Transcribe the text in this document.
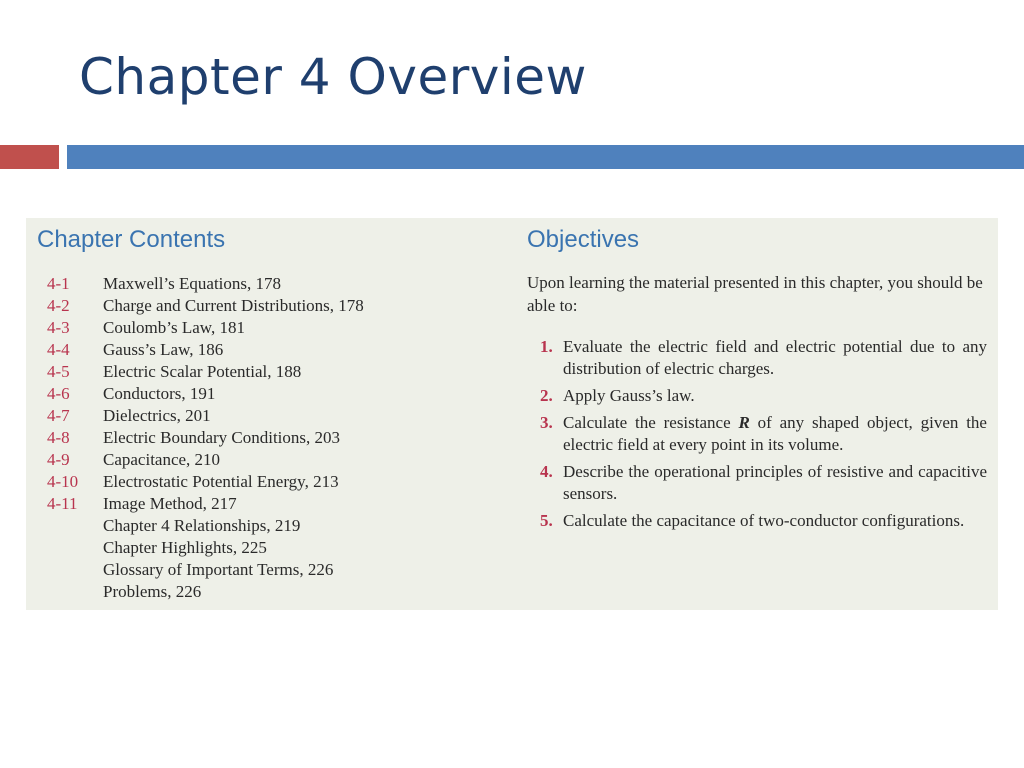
Chapter 4 Overview
Chapter Contents
4-1 Maxwell’s Equations, 178
4-2 Charge and Current Distributions, 178
4-3 Coulomb’s Law, 181
4-4 Gauss’s Law, 186
4-5 Electric Scalar Potential, 188
4-6 Conductors, 191
4-7 Dielectrics, 201
4-8 Electric Boundary Conditions, 203
4-9 Capacitance, 210
4-10 Electrostatic Potential Energy, 213
4-11 Image Method, 217
Chapter 4 Relationships, 219
Chapter Highlights, 225
Glossary of Important Terms, 226
Problems, 226
Objectives
Upon learning the material presented in this chapter, you should be able to:
1. Evaluate the electric field and electric potential due to any distribution of electric charges.
2. Apply Gauss’s law.
3. Calculate the resistance R of any shaped object, given the electric field at every point in its volume.
4. Describe the operational principles of resistive and capacitive sensors.
5. Calculate the capacitance of two-conductor configurations.
